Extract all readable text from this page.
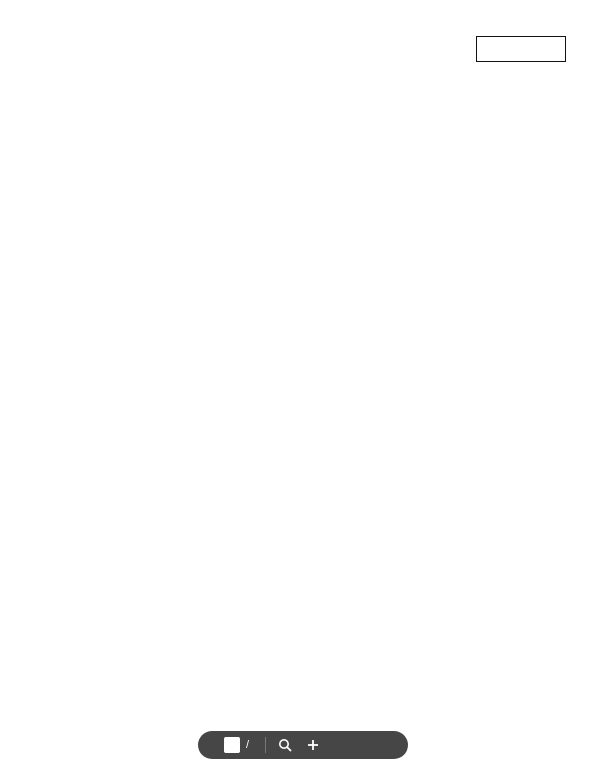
/
